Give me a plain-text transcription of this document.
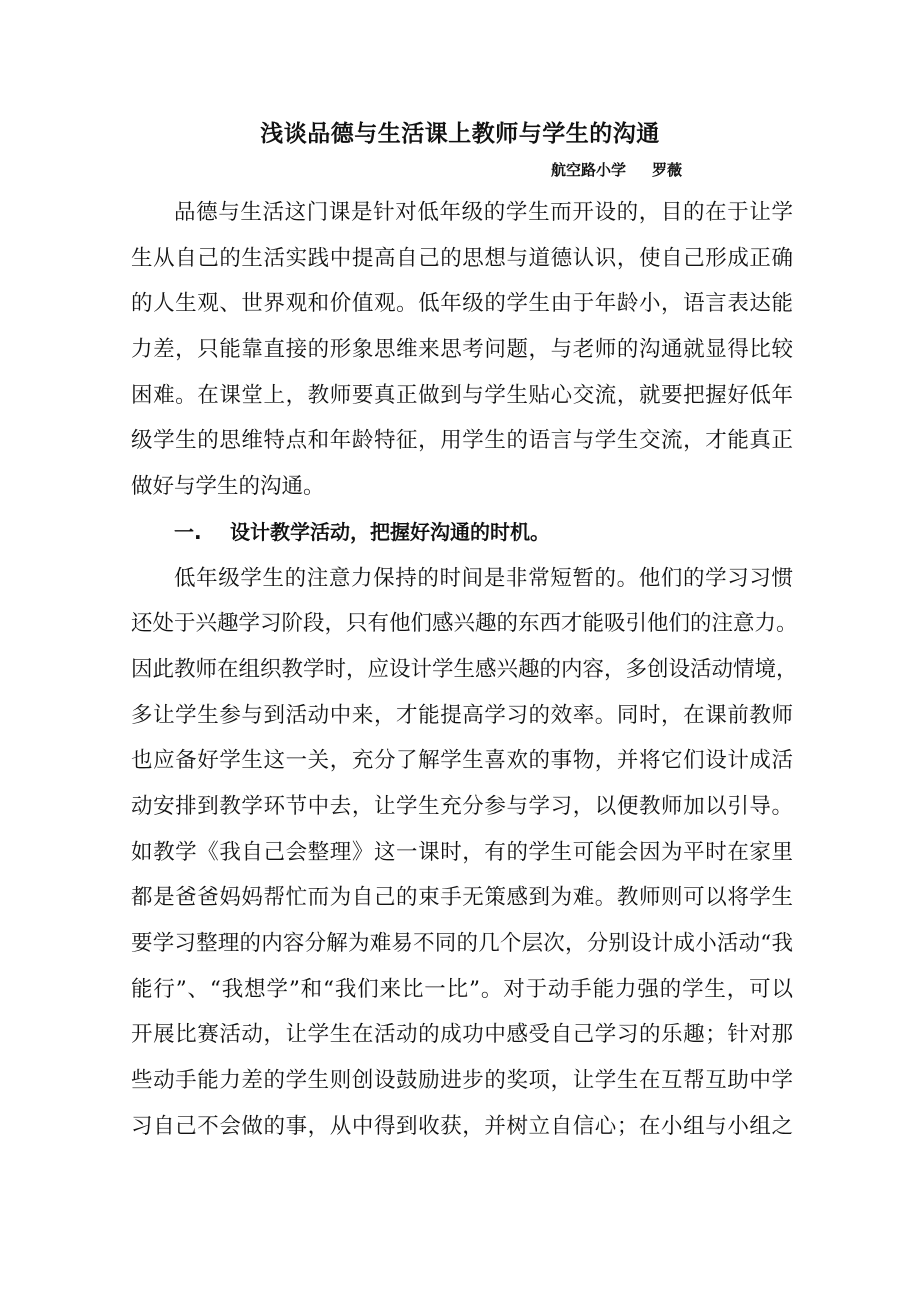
浅谈品德与生活课上教师与学生的沟通
航空路小学 罗薇
品德与生活这门课是针对低年级的学生而开设的，目的在于让学
生从自己的生活实践中提高自己的思想与道德认识，使自己形成正确
的人生观、世界观和价值观。低年级的学生由于年龄小，语言表达能
力差，只能靠直接的形象思维来思考问题，与老师的沟通就显得比较
困难。在课堂上，教师要真正做到与学生贴心交流，就要把握好低年
级学生的思维特点和年龄特征，用学生的语言与学生交流，才能真正
做好与学生的沟通。
一. 设计教学活动，把握好沟通的时机。
低年级学生的注意力保持的时间是非常短暂的。他们的学习习惯
还处于兴趣学习阶段，只有他们感兴趣的东西才能吸引他们的注意力。
因此教师在组织教学时，应设计学生感兴趣的内容，多创设活动情境，
多让学生参与到活动中来，才能提高学习的效率。同时，在课前教师
也应备好学生这一关，充分了解学生喜欢的事物，并将它们设计成活
动安排到教学环节中去，让学生充分参与学习，以便教师加以引导。
如教学《我自己会整理》这一课时，有的学生可能会因为平时在家里
都是爸爸妈妈帮忙而为自己的束手无策感到为难。教师则可以将学生
要学习整理的内容分解为难易不同的几个层次，分别设计成小活动“我
能行”、“我想学”和“我们来比一比”。对于动手能力强的学生，可以
开展比赛活动，让学生在活动的成功中感受自己学习的乐趣；针对那
些动手能力差的学生则创设鼓励进步的奖项，让学生在互帮互助中学
习自己不会做的事，从中得到收获，并树立自信心；在小组与小组之
